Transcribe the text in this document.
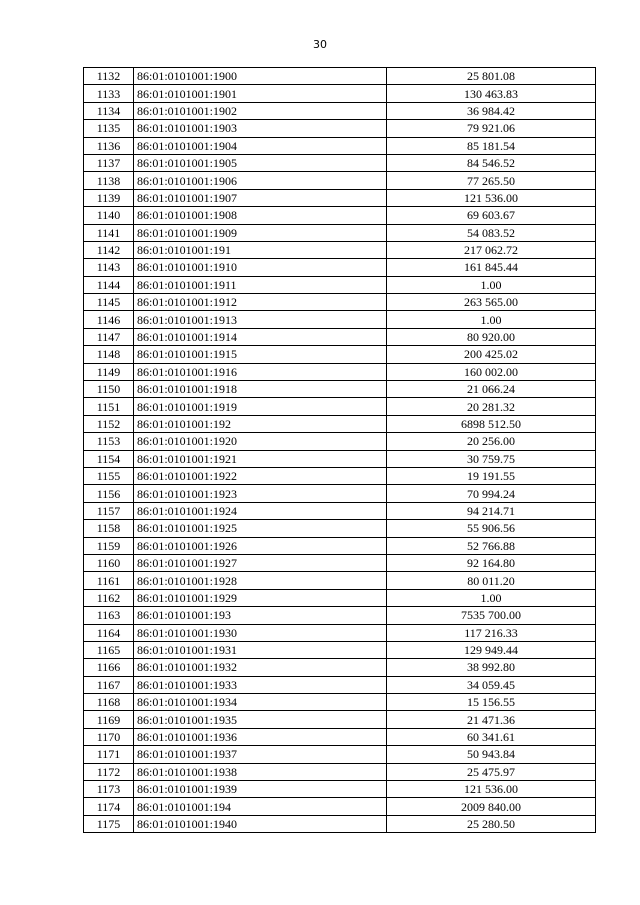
30
1132	86:01:0101001:1900	25 801.08
1133	86:01:0101001:1901	130 463.83
1134	86:01:0101001:1902	36 984.42
1135	86:01:0101001:1903	79 921.06
1136	86:01:0101001:1904	85 181.54
1137	86:01:0101001:1905	84 546.52
1138	86:01:0101001:1906	77 265.50
1139	86:01:0101001:1907	121 536.00
1140	86:01:0101001:1908	69 603.67
1141	86:01:0101001:1909	54 083.52
1142	86:01:0101001:191	217 062.72
1143	86:01:0101001:1910	161 845.44
1144	86:01:0101001:1911	1.00
1145	86:01:0101001:1912	263 565.00
1146	86:01:0101001:1913	1.00
1147	86:01:0101001:1914	80 920.00
1148	86:01:0101001:1915	200 425.02
1149	86:01:0101001:1916	160 002.00
1150	86:01:0101001:1918	21 066.24
1151	86:01:0101001:1919	20 281.32
1152	86:01:0101001:192	6898 512.50
1153	86:01:0101001:1920	20 256.00
1154	86:01:0101001:1921	30 759.75
1155	86:01:0101001:1922	19 191.55
1156	86:01:0101001:1923	70 994.24
1157	86:01:0101001:1924	94 214.71
1158	86:01:0101001:1925	55 906.56
1159	86:01:0101001:1926	52 766.88
1160	86:01:0101001:1927	92 164.80
1161	86:01:0101001:1928	80 011.20
1162	86:01:0101001:1929	1.00
1163	86:01:0101001:193	7535 700.00
1164	86:01:0101001:1930	117 216.33
1165	86:01:0101001:1931	129 949.44
1166	86:01:0101001:1932	38 992.80
1167	86:01:0101001:1933	34 059.45
1168	86:01:0101001:1934	15 156.55
1169	86:01:0101001:1935	21 471.36
1170	86:01:0101001:1936	60 341.61
1171	86:01:0101001:1937	50 943.84
1172	86:01:0101001:1938	25 475.97
1173	86:01:0101001:1939	121 536.00
1174	86:01:0101001:194	2009 840.00
1175	86:01:0101001:1940	25 280.50
